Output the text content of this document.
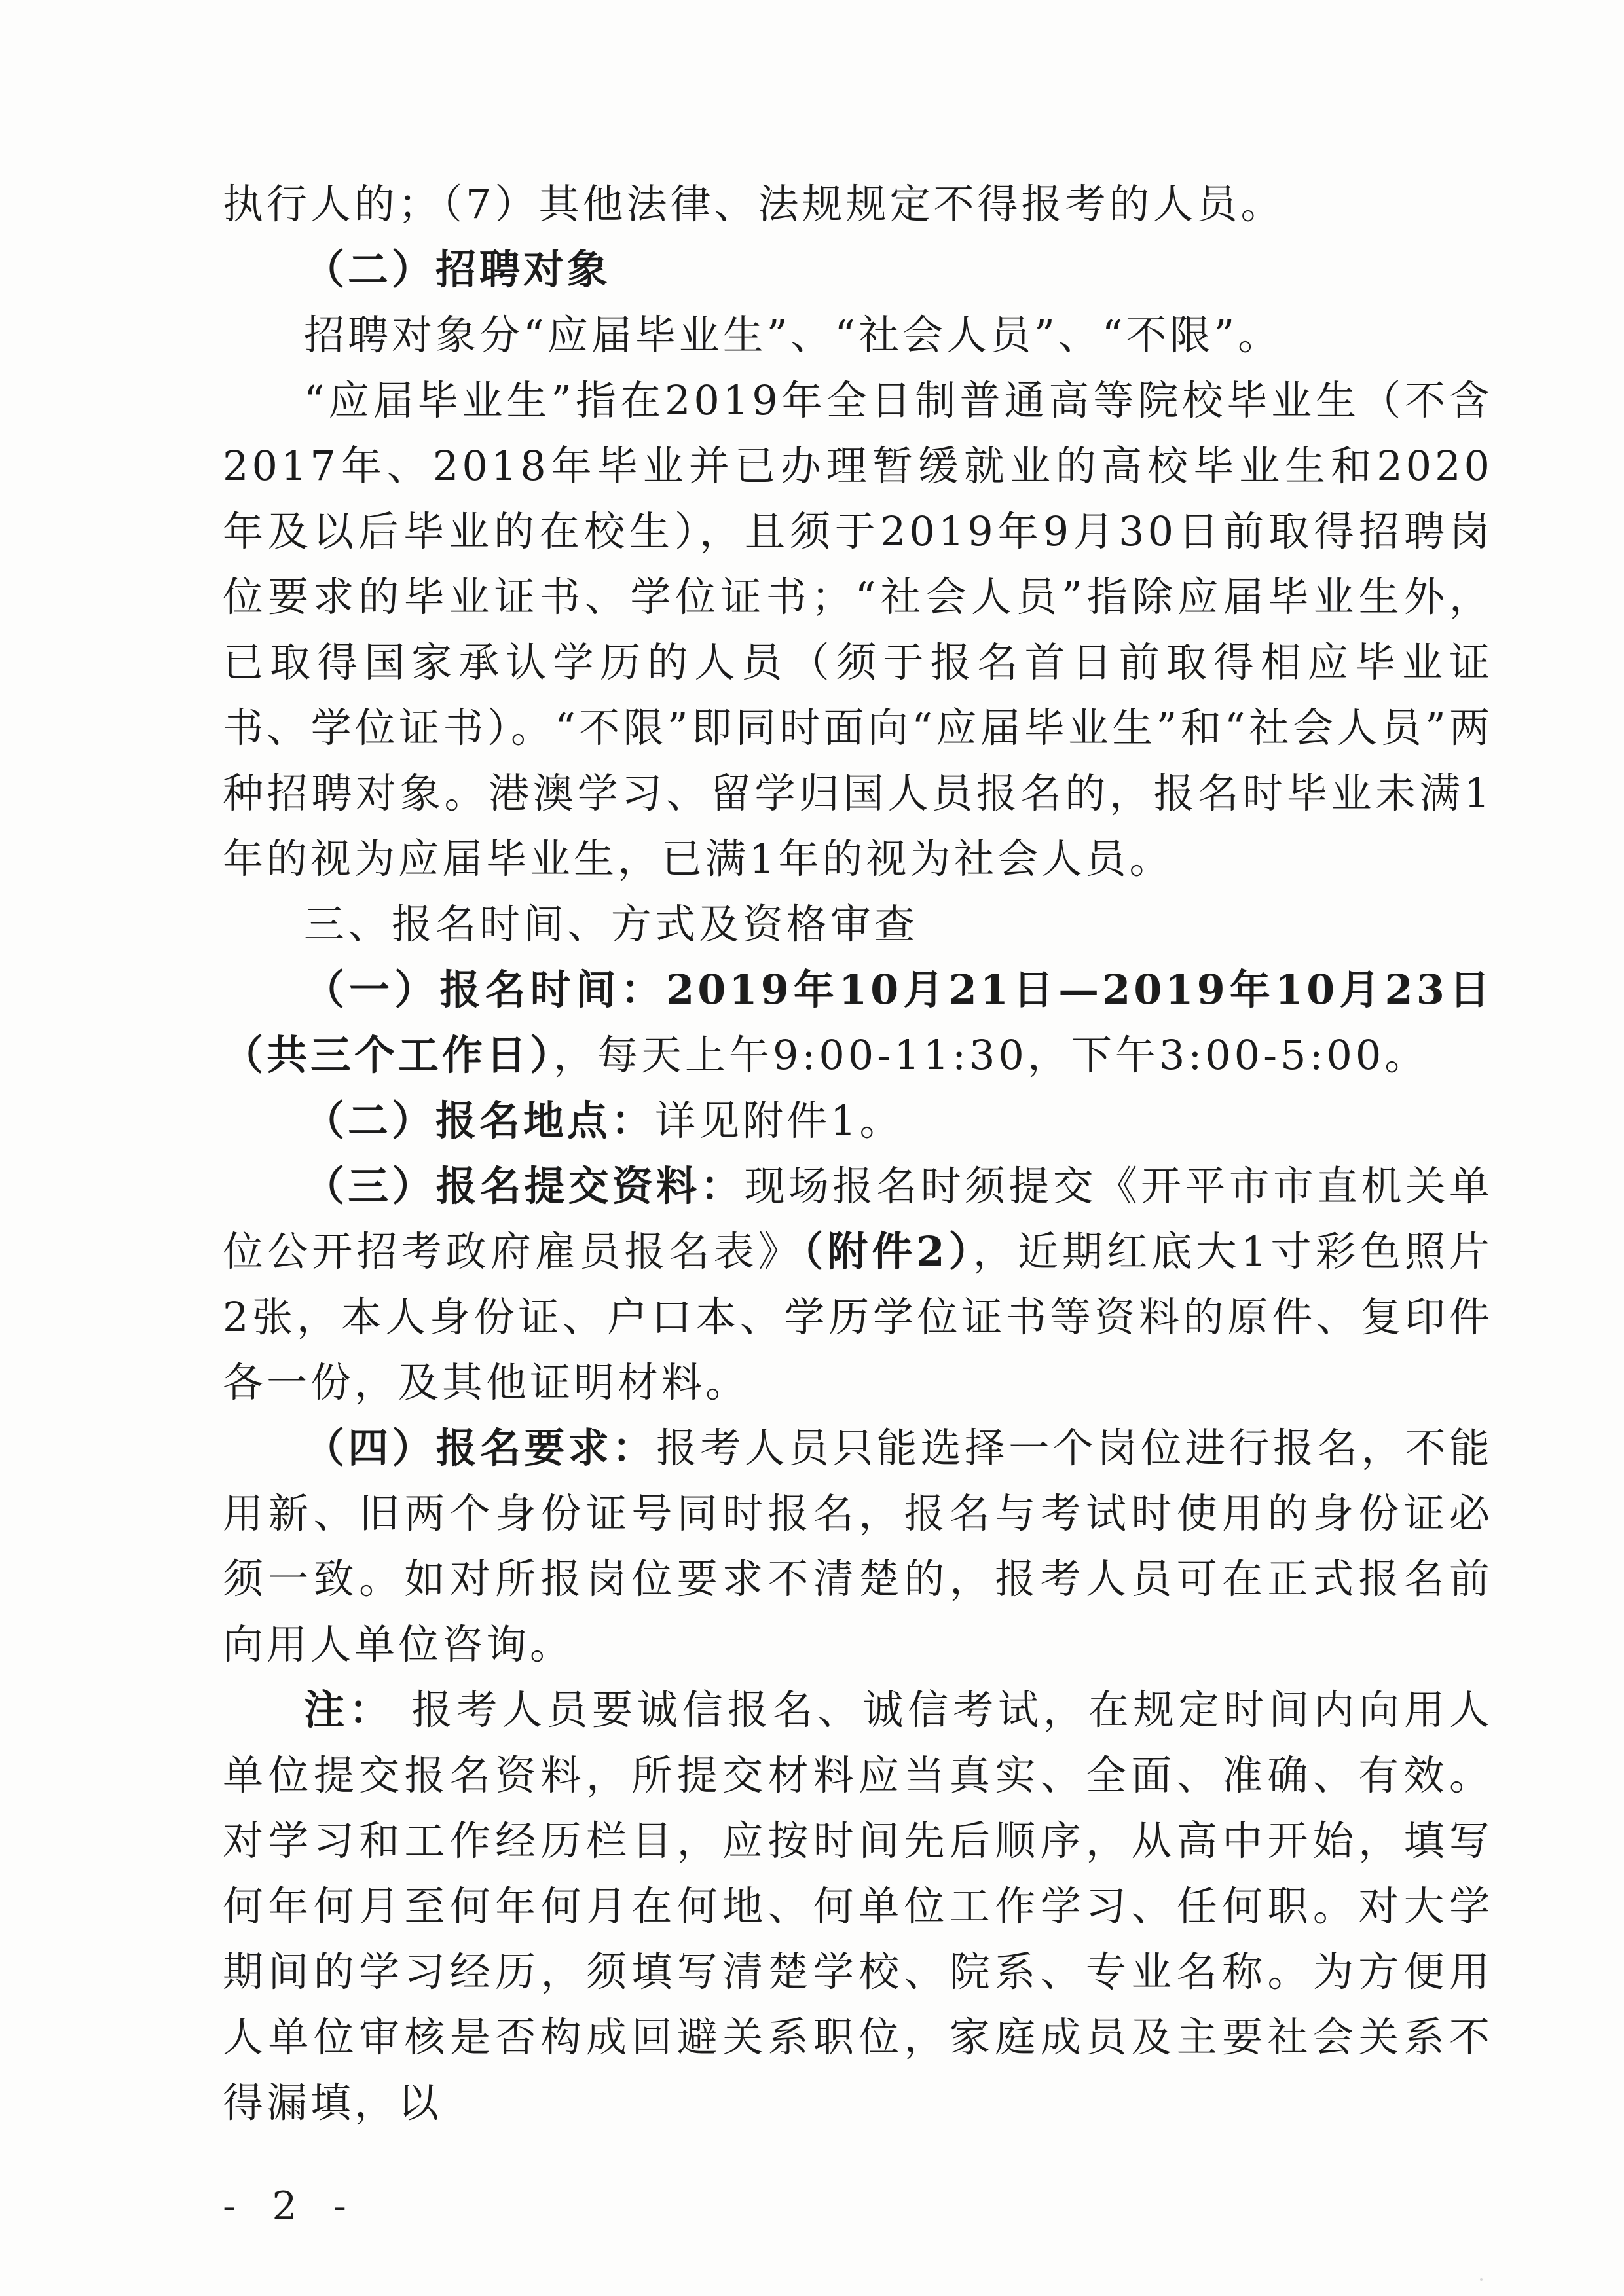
执行人的；（7）其他法律、法规规定不得报考的人员。

（二）招聘对象

招聘对象分“应届毕业生”、“社会人员”、“不限”。

“应届毕业生”指在2019年全日制普通高等院校毕业生（不含2017年、2018年毕业并已办理暂缓就业的高校毕业生和2020年及以后毕业的在校生），且须于2019年9月30日前取得招聘岗位要求的毕业证书、学位证书；“社会人员”指除应届毕业生外，已取得国家承认学历的人员（须于报名首日前取得相应毕业证书、学位证书）。“不限”即同时面向“应届毕业生”和“社会人员”两种招聘对象。港澳学习、留学归国人员报名的，报名时毕业未满1年的视为应届毕业生，已满1年的视为社会人员。

三、报名时间、方式及资格审查

（一）报名时间：2019年10月21日—2019年10月23日（共三个工作日），每天上午9:00-11:30，下午3:00-5:00。

（二）报名地点：详见附件1。

（三）报名提交资料：现场报名时须提交《开平市市直机关单位公开招考政府雇员报名表》（附件2），近期红底大1寸彩色照片2张，本人身份证、户口本、学历学位证书等资料的原件、复印件各一份，及其他证明材料。

（四）报名要求：报考人员只能选择一个岗位进行报名，不能用新、旧两个身份证号同时报名，报名与考试时使用的身份证必须一致。如对所报岗位要求不清楚的，报考人员可在正式报名前向用人单位咨询。

注： 报考人员要诚信报名、诚信考试，在规定时间内向用人单位提交报名资料，所提交材料应当真实、全面、准确、有效。对学习和工作经历栏目，应按时间先后顺序，从高中开始，填写何年何月至何年何月在何地、何单位工作学习、任何职。对大学期间的学习经历，须填写清楚学校、院系、专业名称。为方便用人单位审核是否构成回避关系职位，家庭成员及主要社会关系不得漏填，以

- 2 -
